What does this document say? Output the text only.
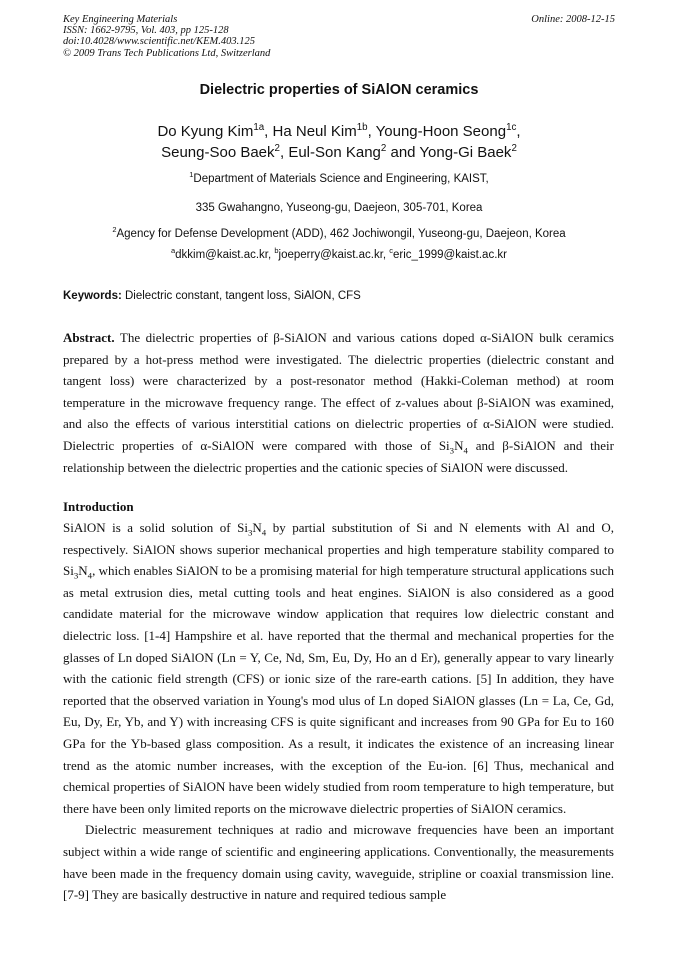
Key Engineering Materials
ISSN: 1662-9795, Vol. 403, pp 125-128
doi:10.4028/www.scientific.net/KEM.403.125
© 2009 Trans Tech Publications Ltd, Switzerland
Online: 2008-12-15
Dielectric properties of SiAlON ceramics
Do Kyung Kim$^{1a}$, Ha Neul Kim$^{1b}$, Young-Hoon Seong$^{1c}$,
Seung-Soo Baek$^2$, Eul-Son Kang$^2$ and Yong-Gi Baek$^2$
$^1$Department of Materials Science and Engineering, KAIST,
335 Gwahangno, Yuseong-gu, Daejeon, 305-701, Korea
$^2$Agency for Defense Development (ADD), 462 Jochiwongil, Yuseong-gu, Daejeon, Korea
$^a$dkkim@kaist.ac.kr, $^b$joeperry@kaist.ac.kr, $^c$eric_1999@kaist.ac.kr
Keywords: Dielectric constant, tangent loss, SiAlON, CFS
Abstract. The dielectric properties of β-SiAlON and various cations doped α-SiAlON bulk ceramics prepared by a hot-press method were investigated. The dielectric properties (dielectric constant and tangent loss) were characterized by a post-resonator method (Hakki-Coleman method) at room temperature in the microwave frequency range. The effect of z-values about β-SiAlON was examined, and also the effects of various interstitial cations on dielectric properties of α-SiAlON were studied. Dielectric properties of α-SiAlON were compared with those of $Si_3N_4$ and β-SiAlON and their relationship between the dielectric properties and the cationic species of SiAlON were discussed.
Introduction

SiAlON is a solid solution of $Si_3N_4$ by partial substitution of Si and N elements with Al and O, respectively. SiAlON shows superior mechanical properties and high temperature stability compared to $Si_3N_4$, which enables SiAlON to be a promising material for high temperature structural applications such as metal extrusion dies, metal cutting tools and heat engines. SiAlON is also considered as a good candidate material for the microwave window application that requires low dielectric constant and dielectric loss. [1-4] Hampshire et al. have reported that the thermal and mechanical properties for the glasses of Ln doped SiAlON (Ln = Y, Ce, Nd, Sm, Eu, Dy, Ho an d Er), generally appear to vary linearly with the cationic field strength (CFS) or ionic size of the rare-earth cations. [5] In addition, they have reported that the observed variation in Young's mod ulus of Ln doped SiAlON glasses (Ln = La, Ce, Gd, Eu, Dy, Er, Yb, and Y) with increasing CFS is quite significant and increases from 90 GPa for Eu to 160 GPa for the Yb-based glass composition. As a result, it indicates the existence of an increasing linear trend as the atomic number increases, with the exception of the Eu-ion. [6] Thus, mechanical and chemical properties of SiAlON have been widely studied from room temperature to high temperature, but there have been only limited reports on the microwave dielectric properties of SiAlON ceramics.

Dielectric measurement techniques at radio and microwave frequencies have been an important subject within a wide range of scientific and engineering applications. Conventionally, the measurements have been made in the frequency domain using cavity, waveguide, stripline or coaxial transmission line. [7-9] They are basically destructive in nature and required tedious sample
